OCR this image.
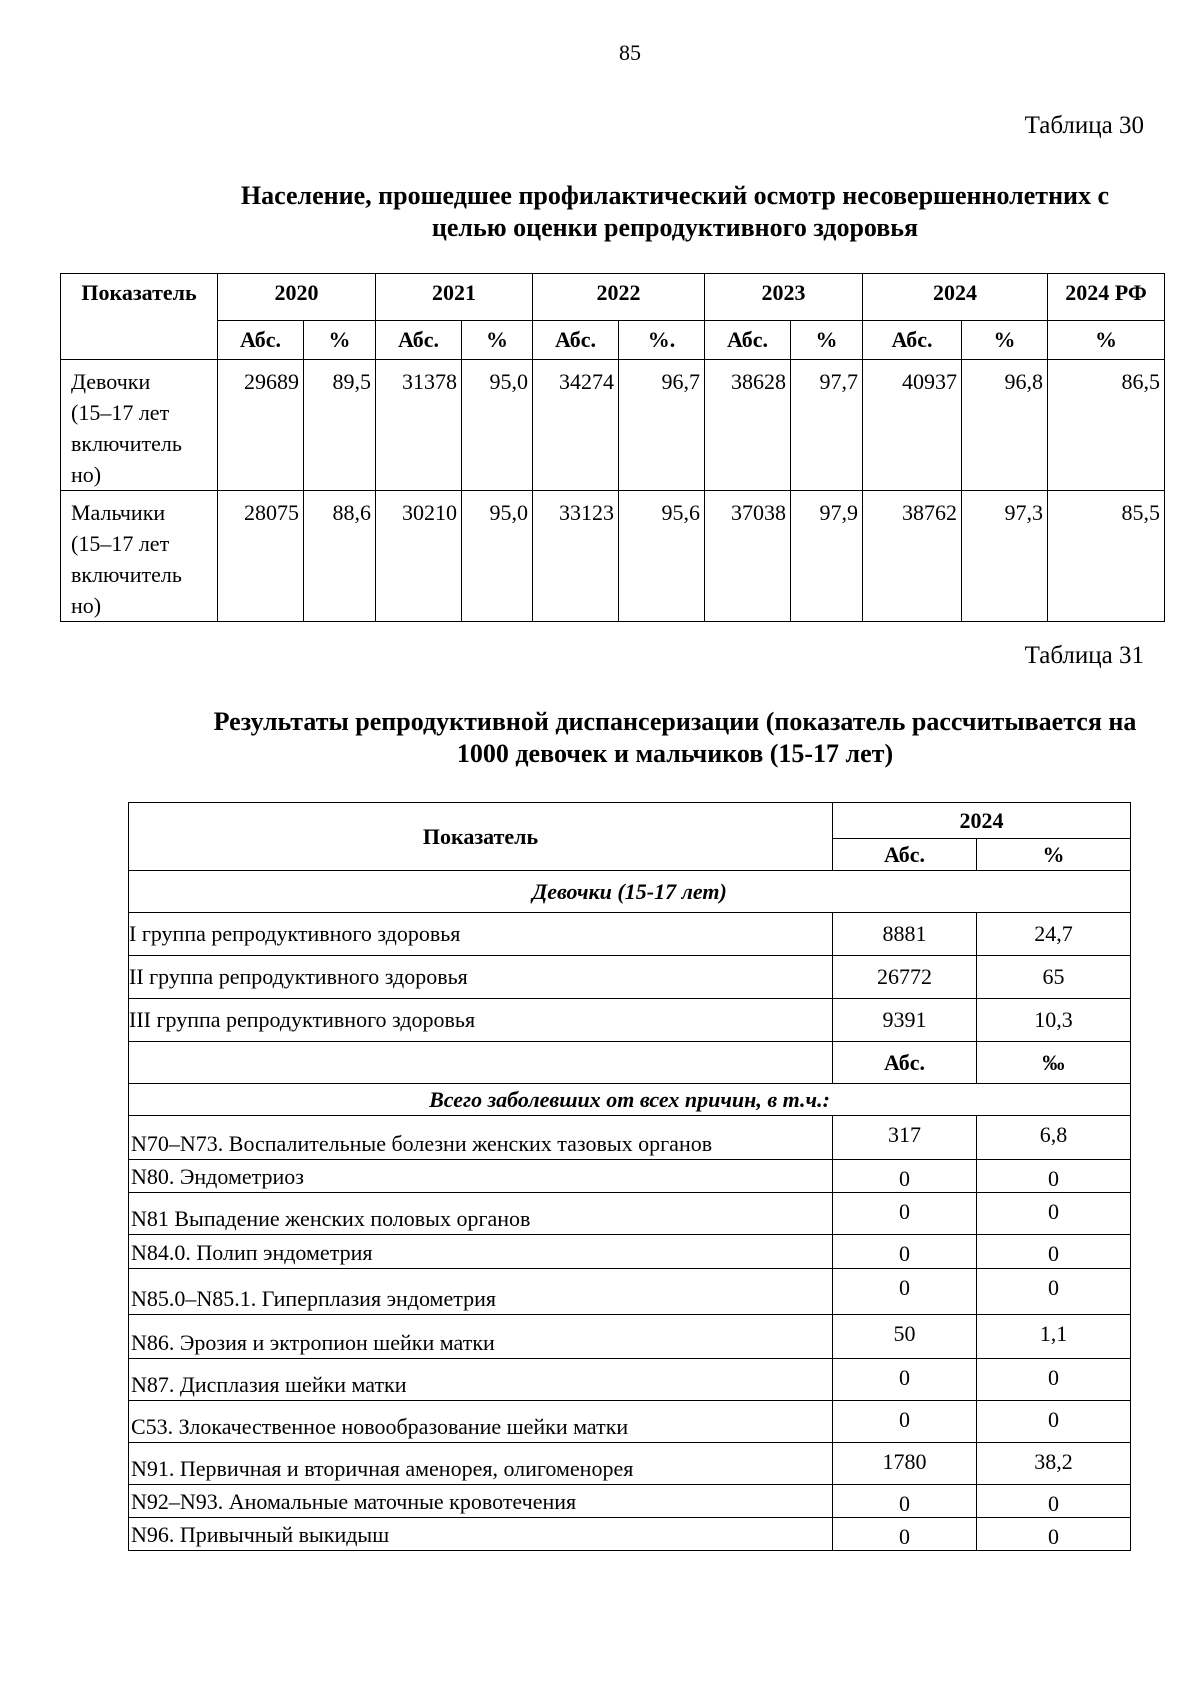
85
Таблица 30
Население, прошедшее профилактический осмотр несовершеннолетних с
целью оценки репродуктивного здоровья
Показатель	2020		2021		2022		2023		2024		2024 РФ
	Абс.	%	Абс.	%	Абс.	%.	Абс.	%	Абс.	%	%

Девочки
(15–17 лет
включитель
но)	29689	89,5	31378	95,0	34274	96,7	38628	97,7	40937	96,8	86,5

Мальчики
(15–17 лет
включитель
но)	28075	88,6	30210	95,0	33123	95,6	37038	97,9	38762	97,3	85,5
Таблица 31
Результаты репродуктивной диспансеризации (показатель рассчитывается на
1000 девочек и мальчиков (15-17 лет)
Показатель	2024	
	Абс.	%
Девочки (15-17 лет)		
I группа репродуктивного здоровья	8881	24,7
II группа репродуктивного здоровья	26772	65
III группа репродуктивного здоровья	9391	10,3
	Абс.	‰
Всего заболевших от всех причин, в т.ч.:		
N70–N73. Воспалительные болезни женских тазовых органов	317	6,8
N80. Эндометриоз	0	0
N81 Выпадение женских половых органов	0	0
N84.0. Полип эндометрия	0	0
N85.0–N85.1. Гиперплазия эндометрия	0	0
N86. Эрозия и эктропион шейки матки	50	1,1
N87. Дисплазия шейки матки	0	0
C53. Злокачественное новообразование шейки матки	0	0
N91. Первичная и вторичная аменорея, олигоменорея	1780	38,2
N92–N93. Аномальные маточные кровотечения	0	0
N96. Привычный выкидыш	0	0
